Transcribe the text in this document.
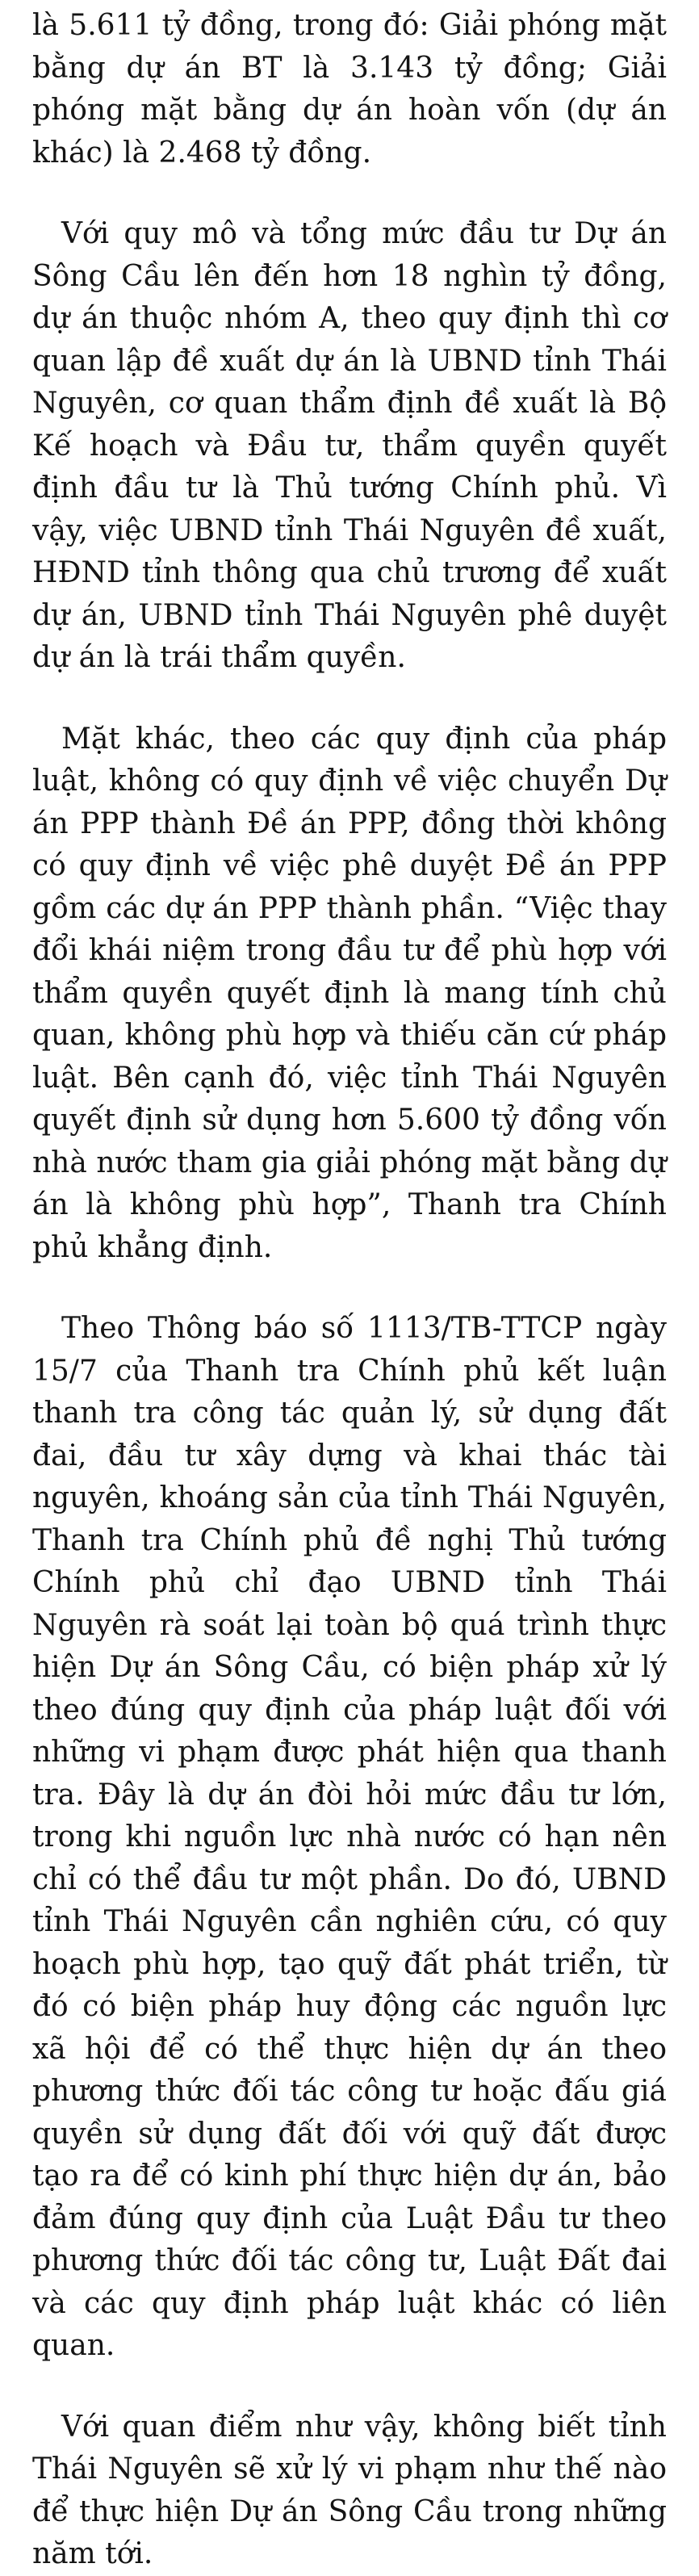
là 5.611 tỷ đồng, trong đó: Giải phóng mặt bằng dự án BT là 3.143 tỷ đồng; Giải phóng mặt bằng dự án hoàn vốn (dự án khác) là 2.468 tỷ đồng.

Với quy mô và tổng mức đầu tư Dự án Sông Cầu lên đến hơn 18 nghìn tỷ đồng, dự án thuộc nhóm A, theo quy định thì cơ quan lập đề xuất dự án là UBND tỉnh Thái Nguyên, cơ quan thẩm định đề xuất là Bộ Kế hoạch và Đầu tư, thẩm quyền quyết định đầu tư là Thủ tướng Chính phủ. Vì vậy, việc UBND tỉnh Thái Nguyên đề xuất, HĐND tỉnh thông qua chủ trương để xuất dự án, UBND tỉnh Thái Nguyên phê duyệt dự án là trái thẩm quyền.

Mặt khác, theo các quy định của pháp luật, không có quy định về việc chuyển Dự án PPP thành Đề án PPP, đồng thời không có quy định về việc phê duyệt Đề án PPP gồm các dự án PPP thành phần. “Việc thay đổi khái niệm trong đầu tư để phù hợp với thẩm quyền quyết định là mang tính chủ quan, không phù hợp và thiếu căn cứ pháp luật. Bên cạnh đó, việc tỉnh Thái Nguyên quyết định sử dụng hơn 5.600 tỷ đồng vốn nhà nước tham gia giải phóng mặt bằng dự án là không phù hợp”, Thanh tra Chính phủ khẳng định.

Theo Thông báo số 1113/TB-TTCP ngày 15/7 của Thanh tra Chính phủ kết luận thanh tra công tác quản lý, sử dụng đất đai, đầu tư xây dựng và khai thác tài nguyên, khoáng sản của tỉnh Thái Nguyên, Thanh tra Chính phủ đề nghị Thủ tướng Chính phủ chỉ đạo UBND tỉnh Thái Nguyên rà soát lại toàn bộ quá trình thực hiện Dự án Sông Cầu, có biện pháp xử lý theo đúng quy định của pháp luật đối với những vi phạm được phát hiện qua thanh tra. Đây là dự án đòi hỏi mức đầu tư lớn, trong khi nguồn lực nhà nước có hạn nên chỉ có thể đầu tư một phần. Do đó, UBND tỉnh Thái Nguyên cần nghiên cứu, có quy hoạch phù hợp, tạo quỹ đất phát triển, từ đó có biện pháp huy động các nguồn lực xã hội để có thể thực hiện dự án theo phương thức đối tác công tư hoặc đấu giá quyền sử dụng đất đối với quỹ đất được tạo ra để có kinh phí thực hiện dự án, bảo đảm đúng quy định của Luật Đầu tư theo phương thức đối tác công tư, Luật Đất đai và các quy định pháp luật khác có liên quan.

Với quan điểm như vậy, không biết tỉnh Thái Nguyên sẽ xử lý vi phạm như thế nào để thực hiện Dự án Sông Cầu trong những năm tới.
